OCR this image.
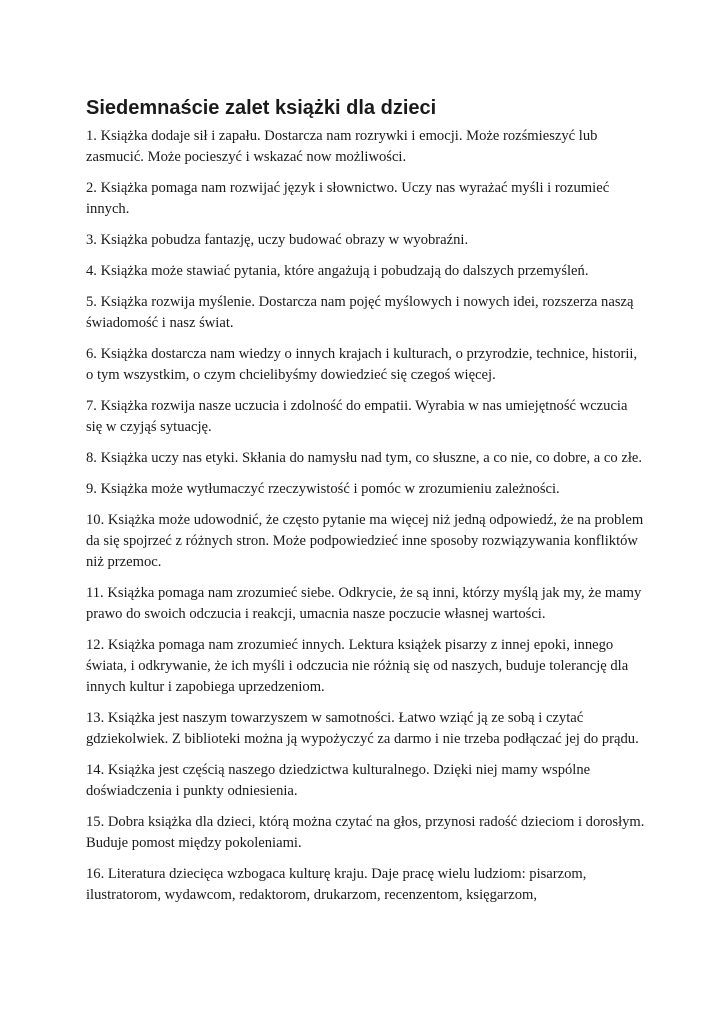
Siedemnaście zalet książki dla dzieci

1. Książka dodaje sił i zapału. Dostarcza nam rozrywki i emocji. Może rozśmieszyć lub zasmucić. Może pocieszyć i wskazać now możliwości.

2. Książka pomaga nam rozwijać język i słownictwo. Uczy nas wyrażać myśli i rozumieć innych.

3. Książka pobudza fantazję, uczy budować obrazy w wyobraźni.

4. Książka może stawiać pytania, które angażują i pobudzają do dalszych przemyśleń.

5. Książka rozwija myślenie. Dostarcza nam pojęć myślowych i nowych idei, rozszerza naszą świadomość i nasz świat.

6. Książka dostarcza nam wiedzy o innych krajach i kulturach, o przyrodzie, technice, historii, o tym wszystkim, o czym chcielibyśmy dowiedzieć się czegoś więcej.

7. Książka rozwija nasze uczucia i zdolność do empatii. Wyrabia w nas umiejętność wczucia się w czyjąś sytuację.

8. Książka uczy nas etyki. Skłania do namysłu nad tym, co słuszne, a co nie, co dobre, a co złe.

9. Książka może wytłumaczyć rzeczywistość i pomóc w zrozumieniu zależności.

10. Książka może udowodnić, że często pytanie ma więcej niż jedną odpowiedź, że na problem da się spojrzeć z różnych stron. Może podpowiedzieć inne sposoby rozwiązywania konfliktów niż przemoc.

11. Książka pomaga nam zrozumieć siebe. Odkrycie, że są inni, którzy myślą jak my, że mamy prawo do swoich odczucia i reakcji, umacnia nasze poczucie własnej wartości.

12. Książka pomaga nam zrozumieć innych. Lektura książek pisarzy z innej epoki, innego świata, i odkrywanie, że ich myśli i odczucia nie różnią się od naszych, buduje tolerancję dla innych kultur i zapobiega uprzedzeniom.

13. Książka jest naszym towarzyszem w samotności. Łatwo wziąć ją ze sobą i czytać gdziekolwiek. Z biblioteki można ją wypożyczyć za darmo i nie trzeba podłączać jej do prądu.

14. Książka jest częścią naszego dziedzictwa kulturalnego. Dzięki niej mamy wspólne doświadczenia i punkty odniesienia.

15. Dobra książka dla dzieci, którą można czytać na głos, przynosi radość dzieciom i dorosłym. Buduje pomost między pokoleniami.

16. Literatura dziecięca wzbogaca kulturę kraju. Daje pracę wielu ludziom: pisarzom, ilustratorom, wydawcom, redaktorom, drukarzom, recenzentom, księgarzom,
